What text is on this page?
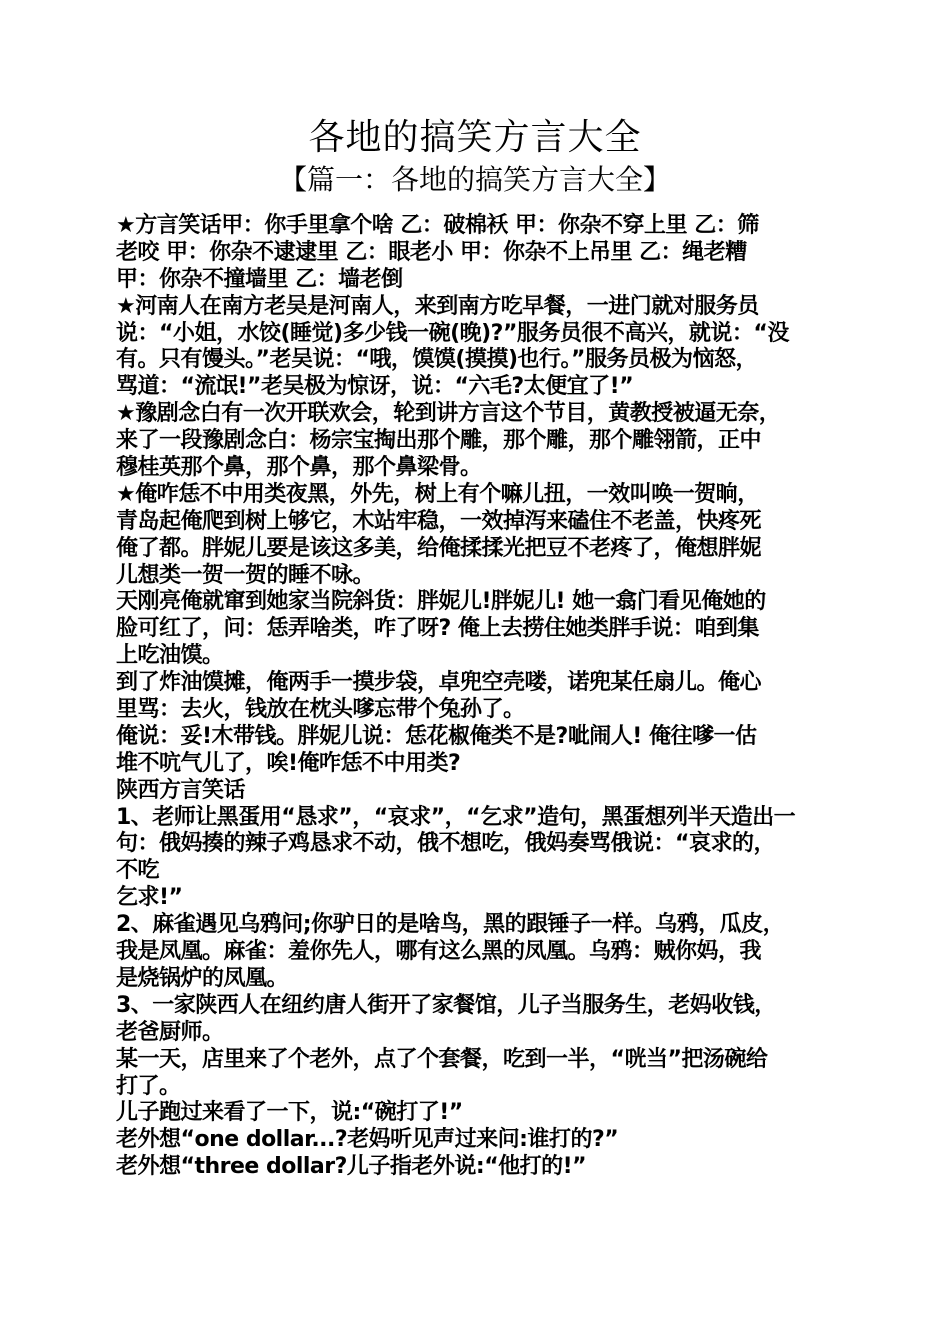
各地的搞笑方言大全
【篇一：各地的搞笑方言大全】
★方言笑话甲：你手里拿个啥 乙：破棉袄 甲：你杂不穿上里 乙：筛
老咬 甲：你杂不逮逮里 乙：眼老小 甲：你杂不上吊里 乙：绳老糟
甲：你杂不撞墙里 乙：墙老倒
★河南人在南方老吴是河南人，来到南方吃早餐，一进门就对服务员
说：“小姐，水饺(睡觉)多少钱一碗(晚)?”服务员很不高兴，就说：“没
有。只有馒头。”老吴说：“哦，馍馍(摸摸)也行。”服务员极为恼怒，
骂道：“流氓!”老吴极为惊讶，说：“六毛?太便宜了!”
★豫剧念白有一次开联欢会，轮到讲方言这个节目，黄教授被逼无奈，
来了一段豫剧念白：杨宗宝掏出那个雕，那个雕，那个雕翎箭，正中
穆桂英那个鼻，那个鼻，那个鼻梁骨。
★俺咋恁不中用类夜黑，外先，树上有个嘛儿扭，一效叫唤一贺晌，
青岛起俺爬到树上够它，木站牢稳，一效掉泻来磕住不老盖，快疼死
俺了都。胖妮儿要是该这多美，给俺揉揉光把豆不老疼了，俺想胖妮
儿想类一贺一贺的睡不咏。
天刚亮俺就窜到她家当院斜货：胖妮儿!胖妮儿! 她一翕门看见俺她的
脸可红了，问：恁弄啥类，咋了呀? 俺上去捞住她类胖手说：咱到集
上吃油馍。
到了炸油馍摊，俺两手一摸步袋，卓兜空壳喽，诺兜某任扇儿。俺心
里骂：去火，钱放在枕头嗲忘带个兔孙了。
俺说：妥!木带钱。胖妮儿说：恁花椒俺类不是?呲闹人! 俺往嗲一估
堆不吭气儿了，唉!俺咋恁不中用类?
陕西方言笑话
1、老师让黑蛋用“恳求”，“哀求”，“乞求”造句，黑蛋想列半天造出一
句：俄妈揍的辣子鸡恳求不动，俄不想吃，俄妈奏骂俄说：“哀求的，
不吃
乞求!”
2、麻雀遇见乌鸦问;你驴日的是啥鸟，黑的跟锤子一样。乌鸦，瓜皮，
我是凤凰。麻雀：羞你先人，哪有这么黑的凤凰。乌鸦：贼你妈，我
是烧锅炉的凤凰。
3、一家陕西人在纽约唐人街开了家餐馆，儿子当服务生，老妈收钱，
老爸厨师。
某一天，店里来了个老外，点了个套餐，吃到一半，“咣当”把汤碗给
打了。
儿子跑过来看了一下，说:“碗打了!”
老外想“one dollar...?老妈听见声过来问:谁打的?”
老外想“three dollar?儿子指老外说:“他打的!”
